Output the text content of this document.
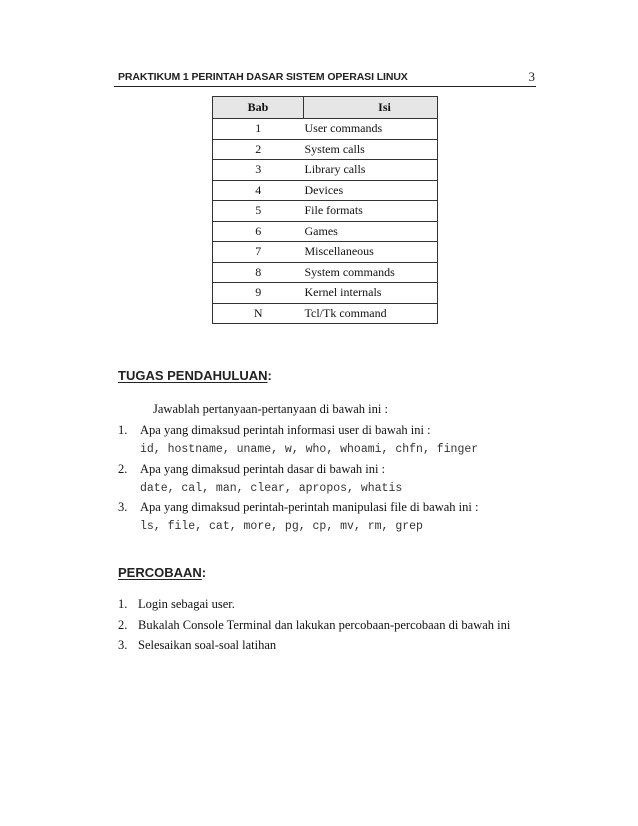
PRAKTIKUM 1 PERINTAH DASAR SISTEM OPERASI LINUX	3
Bab	Isi
1	User commands
2	System calls
3	Library calls
4	Devices
5	File formats
6	Games
7	Miscellaneous
8	System commands
9	Kernel internals
N	Tcl/Tk command
TUGAS PENDAHULUAN:
Jawablah pertanyaan-pertanyaan di bawah ini :
1. Apa yang dimaksud perintah informasi user di bawah ini :
id, hostname, uname, w, who, whoami, chfn, finger
2. Apa yang dimaksud perintah dasar di bawah ini :
date, cal, man, clear, apropos, whatis
3. Apa yang dimaksud perintah-perintah manipulasi file di bawah ini :
ls, file, cat, more, pg, cp, mv, rm, grep
PERCOBAAN:
1. Login sebagai user.
2. Bukalah Console Terminal dan lakukan percobaan-percobaan di bawah ini
3. Selesaikan soal-soal latihan
